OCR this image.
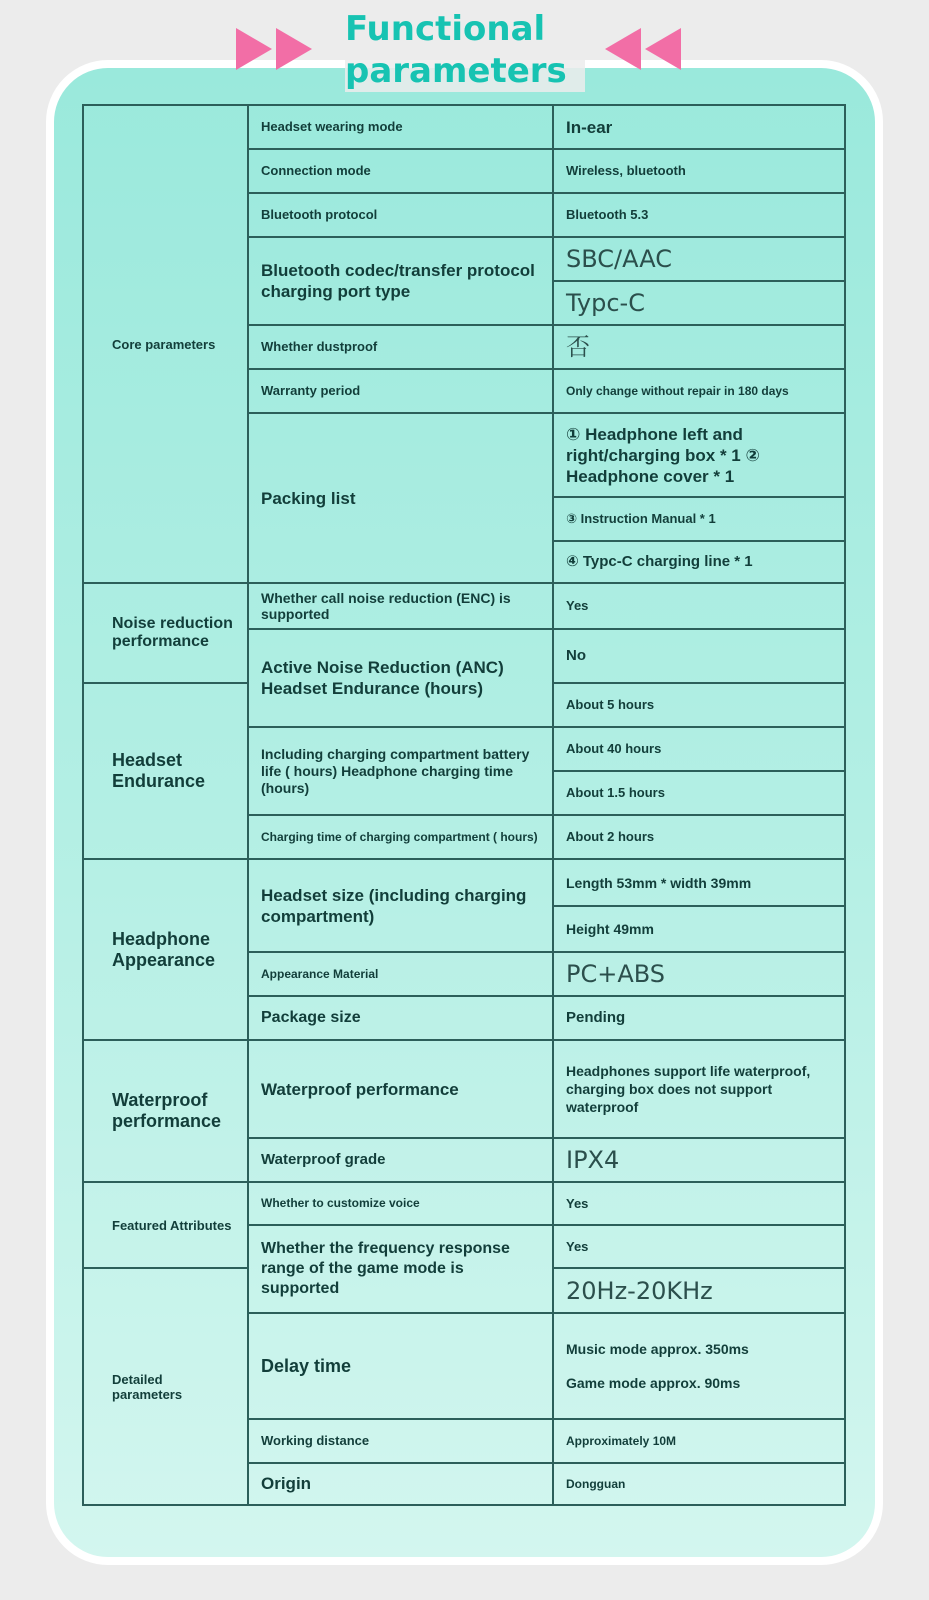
Functional parameters
Core parameters	Headset wearing mode	In-ear
	Connection mode	Wireless, bluetooth
	Bluetooth protocol	Bluetooth 5.3
	Bluetooth codec/transfer protocol charging port type	SBC/AAC
		Typc-C
	Whether dustproof	否
	Warranty period	Only change without repair in 180 days
	Packing list	① Headphone left and right/charging box * 1 ② Headphone cover * 1
		③ Instruction Manual * 1
		④ Typc-C charging line * 1
Noise reduction performance	Whether call noise reduction (ENC) is supported	Yes
	Active Noise Reduction (ANC) Headset Endurance (hours)	No
Headset Endurance		About 5 hours
	Including charging compartment battery life ( hours) Headphone charging time (hours)	About 40 hours
		About 1.5 hours
	Charging time of charging compartment ( hours)	About 2 hours
Headphone Appearance	Headset size (including charging compartment)	Length 53mm * width 39mm
		Height 49mm
	Appearance Material	PC+ABS
	Package size	Pending
Waterproof performance	Waterproof performance	Headphones support life waterproof, charging box does not support waterproof
	Waterproof grade	IPX4
Featured Attributes	Whether to customize voice	Yes
	Whether the frequency response range of the game mode is supported	Yes
Detailed parameters		20Hz-20KHz
	Delay time	Music mode approx. 350ms
Game mode approx. 90ms

	Working distance	Approximately 10M
	Origin	Dongguan
